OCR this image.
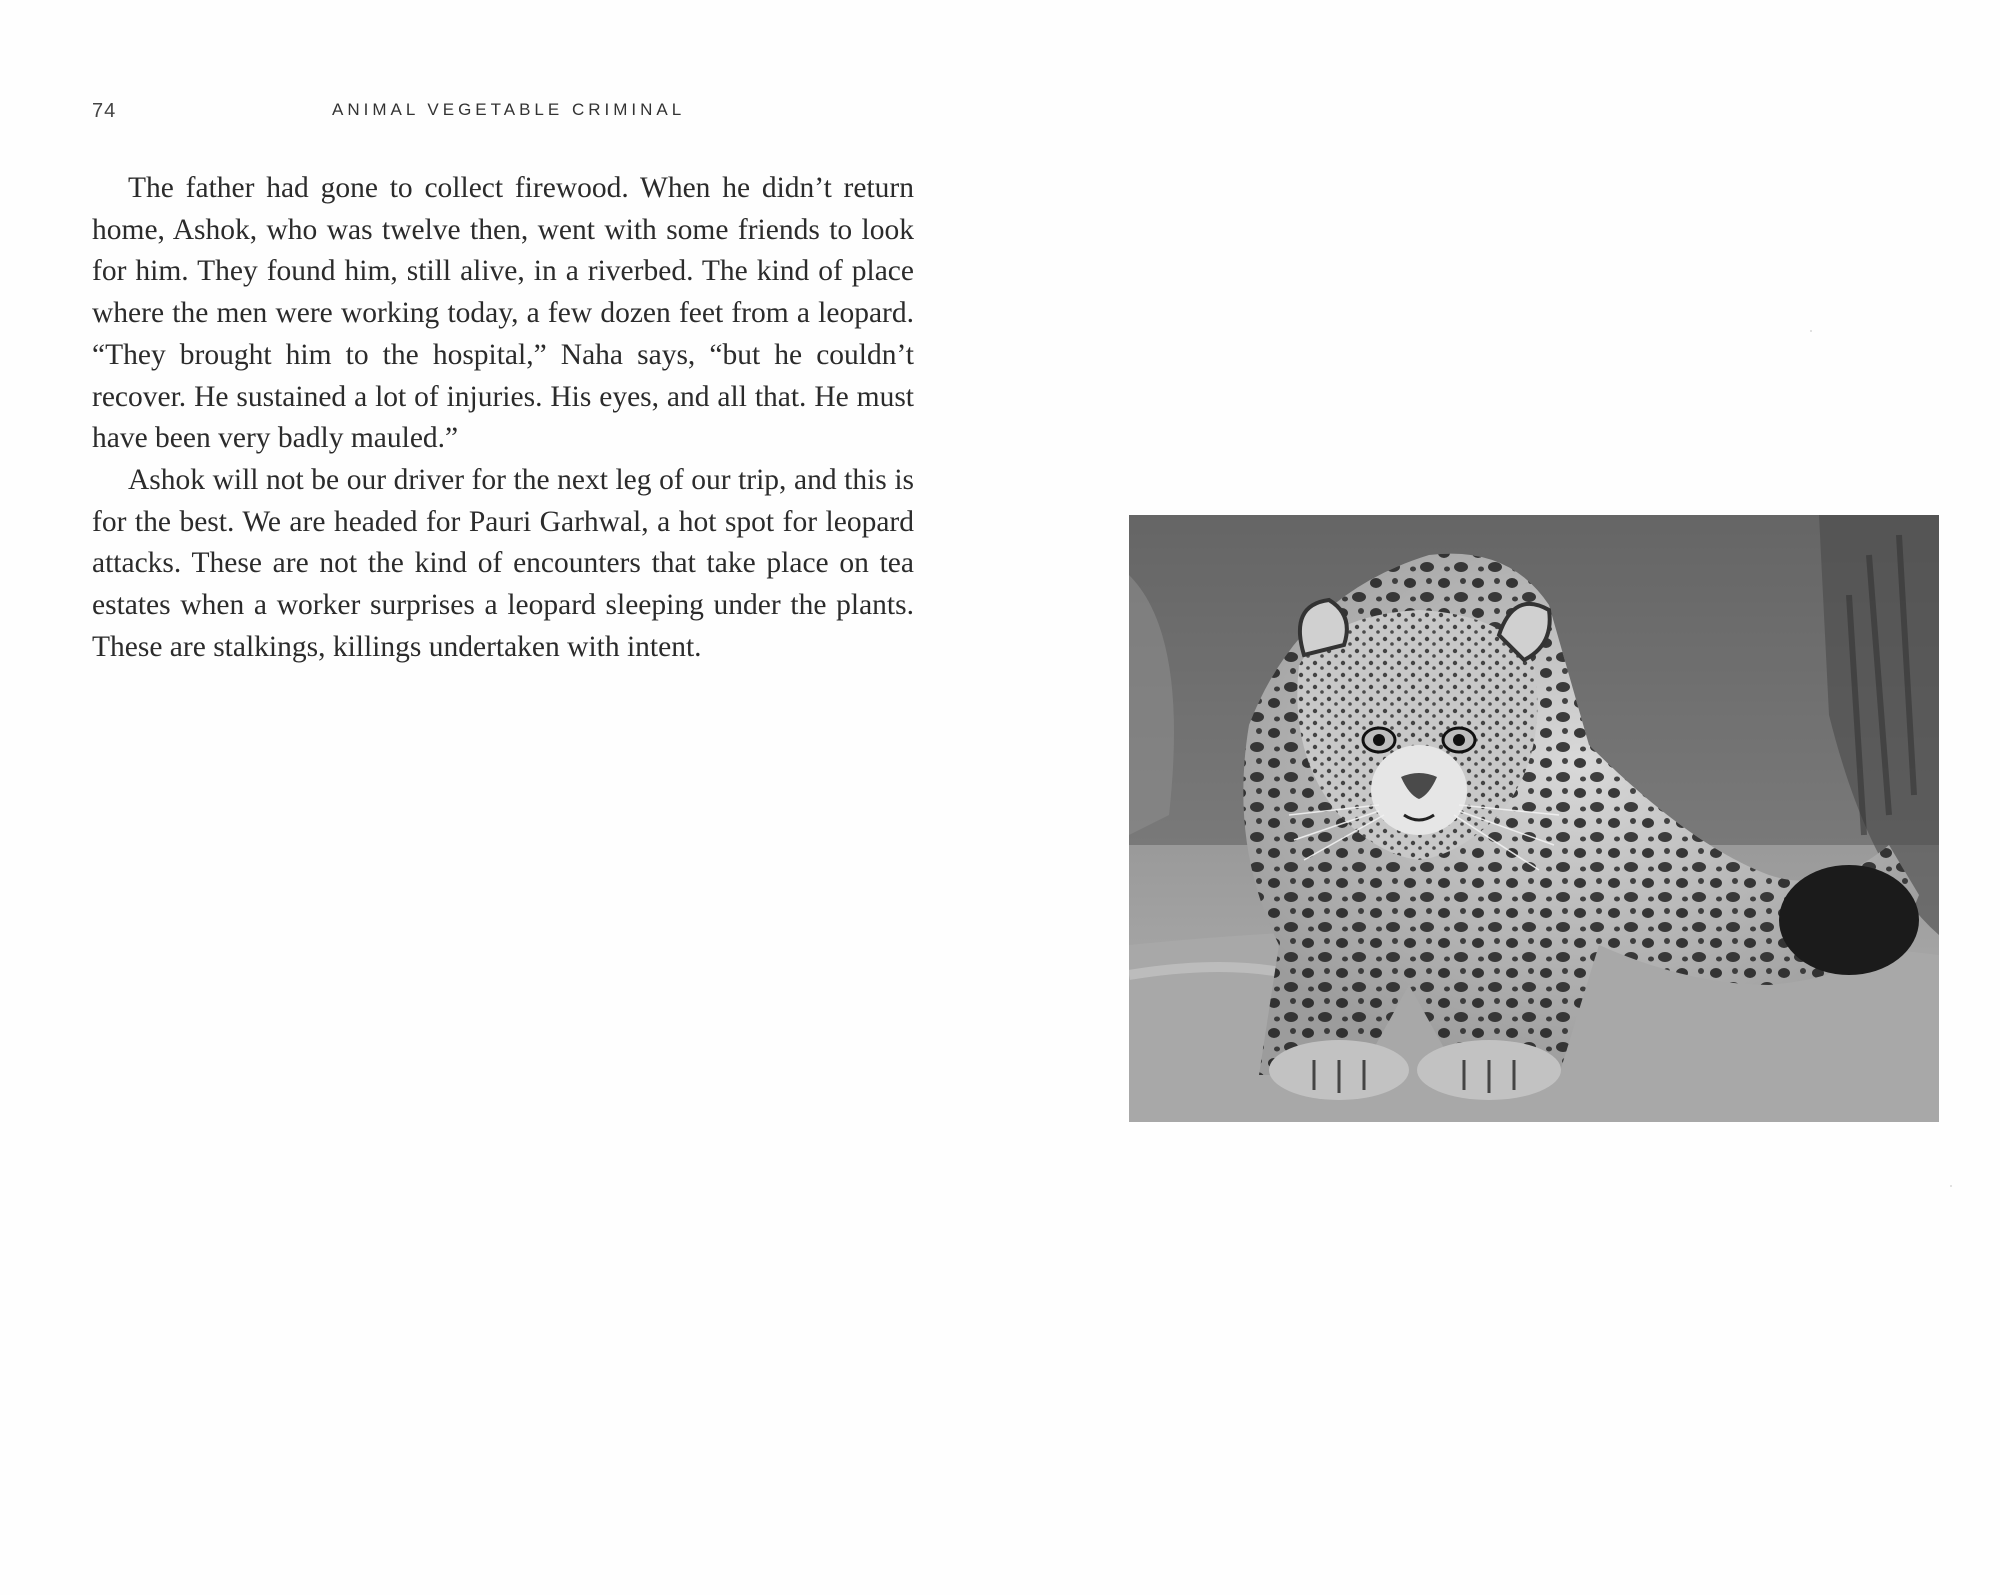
74	ANIMAL VEGETABLE CRIMINAL

The father had gone to collect firewood. When he didn’t return home, Ashok, who was twelve then, went with some friends to look for him. They found him, still alive, in a riverbed. The kind of place where the men were working today, a few dozen feet from a leopard. “They brought him to the hospital,” Naha says, “but he couldn’t recover. He sustained a lot of injuries. His eyes, and all that. He must have been very badly mauled.”

Ashok will not be our driver for the next leg of our trip, and this is for the best. We are headed for Pauri Garhwal, a hot spot for leopard attacks. These are not the kind of encounters that take place on tea estates when a worker surprises a leopard sleeping under the plants. These are stalkings, killings undertaken with intent.
